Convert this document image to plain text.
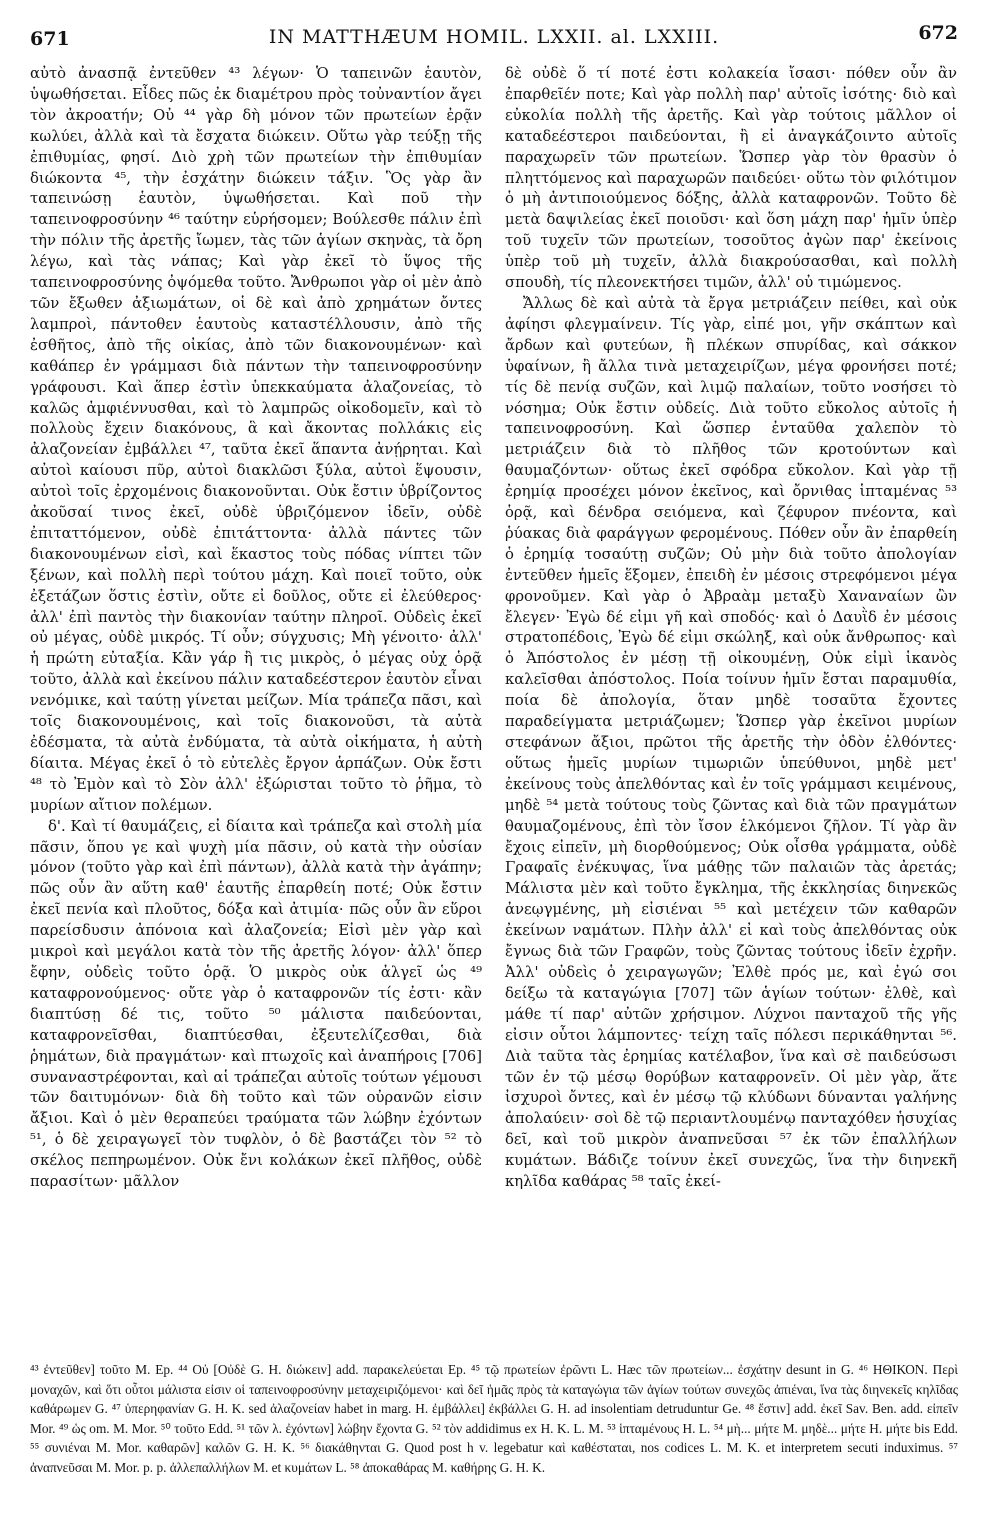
671	IN MATTHÆUM HOMIL. LXXII. al. LXXIII.	672

αὐτὸ ἀνασπᾷ ἐντεῦθεν ⁴³ λέγων· Ὁ ταπεινῶν ἑαυτὸν, ὑψωθήσεται. Εἶδες πῶς ἐκ διαμέτρου πρὸς τοὐναντίον ἄγει τὸν ἀκροατήν; Οὐ ⁴⁴ γὰρ δὴ μόνον τῶν πρωτείων ἐρᾷν κωλύει, ἀλλὰ καὶ τὰ ἔσχατα διώκειν. Οὕτω γὰρ τεύξῃ τῆς ἐπιθυμίας, φησί. Διὸ χρὴ τῶν πρωτείων τὴν ἐπιθυμίαν διώκοντα ⁴⁵, τὴν ἐσχάτην διώκειν τάξιν. Ὃς γὰρ ἂν ταπεινώσῃ ἑαυτὸν, ὑψωθήσεται. Καὶ ποῦ τὴν ταπεινοφροσύνην ⁴⁶ ταύτην εὑρήσομεν; Βούλεσθε πάλιν ἐπὶ τὴν πόλιν τῆς ἀρετῆς ἴωμεν, τὰς τῶν ἁγίων σκηνὰς, τὰ ὄρη λέγω, καὶ τὰς νάπας; Καὶ γὰρ ἐκεῖ τὸ ὕψος τῆς ταπεινοφροσύνης ὀψόμεθα τοῦτο. Ἄνθρωποι γὰρ οἱ μὲν ἀπὸ τῶν ἔξωθεν ἀξιωμάτων, οἱ δὲ καὶ ἀπὸ χρημάτων ὄντες λαμπροὶ, πάντοθεν ἑαυτοὺς καταστέλλουσιν, ἀπὸ τῆς ἐσθῆτος, ἀπὸ τῆς οἰκίας, ἀπὸ τῶν διακονουμένων· καὶ καθάπερ ἐν γράμμασι διὰ πάντων τὴν ταπεινοφροσύνην γράφουσι. Καὶ ἅπερ ἐστὶν ὑπεκκαύματα ἀλαζονείας, τὸ καλῶς ἀμφιέννυσθαι, καὶ τὸ λαμπρῶς οἰκοδομεῖν, καὶ τὸ πολλοὺς ἔχειν διακόνους, ἃ καὶ ἄκοντας πολλάκις εἰς ἀλαζονείαν ἐμβάλλει ⁴⁷, ταῦτα ἐκεῖ ἅπαντα ἀνῄρηται. Καὶ αὐτοὶ καίουσι πῦρ, αὐτοὶ διακλῶσι ξύλα, αὐτοὶ ἕψουσιν, αὐτοὶ τοῖς ἐρχομένοις διακονοῦνται. Οὐκ ἔστιν ὑβρίζοντος ἀκοῦσαί τινος ἐκεῖ, οὐδὲ ὑβριζόμενον ἰδεῖν, οὐδὲ ἐπιταττόμενον, οὐδὲ ἐπιτάττοντα· ἀλλὰ πάντες τῶν διακονουμένων εἰσὶ, καὶ ἕκαστος τοὺς πόδας νίπτει τῶν ξένων, καὶ πολλὴ περὶ τούτου μάχη. Καὶ ποιεῖ τοῦτο, οὐκ ἐξετάζων ὅστις ἐστὶν, οὔτε εἰ δοῦλος, οὔτε εἰ ἐλεύθερος· ἀλλ' ἐπὶ παντὸς τὴν διακονίαν ταύτην πληροῖ. Οὐδεὶς ἐκεῖ οὐ μέγας, οὐδὲ μικρός. Τί οὖν; σύγχυσις; Μὴ γένοιτο· ἀλλ' ἡ πρώτη εὐταξία. Κἂν γάρ ἢ τις μικρὸς, ὁ μέγας οὐχ ὁρᾷ τοῦτο, ἀλλὰ καὶ ἐκείνου πάλιν καταδεέστερον ἑαυτὸν εἶναι νενόμικε, καὶ ταύτῃ γίνεται μείζων. Μία τράπεζα πᾶσι, καὶ τοῖς διακονουμένοις, καὶ τοῖς διακονοῦσι, τὰ αὐτὰ ἐδέσματα, τὰ αὐτὰ ἐνδύματα, τὰ αὐτὰ οἰκήματα, ἡ αὐτὴ δίαιτα. Μέγας ἐκεῖ ὁ τὸ εὐτελὲς ἔργον ἁρπάζων. Οὐκ ἔστι ⁴⁸ τὸ Ἐμὸν καὶ τὸ Σὸν ἀλλ' ἐξώρισται τοῦτο τὸ ῥῆμα, τὸ μυρίων αἴτιον πολέμων.

δ'. Καὶ τί θαυμάζεις, εἰ δίαιτα καὶ τράπεζα καὶ στολὴ μία πᾶσιν, ὅπου γε καὶ ψυχὴ μία πᾶσιν, οὐ κατὰ τὴν οὐσίαν μόνον (τοῦτο γὰρ καὶ ἐπὶ πάντων), ἀλλὰ κατὰ τὴν ἀγάπην; πῶς οὖν ἂν αὕτη καθ' ἑαυτῆς ἐπαρθείη ποτέ; Οὐκ ἔστιν ἐκεῖ πενία καὶ πλοῦτος, δόξα καὶ ἀτιμία· πῶς οὖν ἂν εὕροι παρείσδυσιν ἀπόνοια καὶ ἀλαζονεία; Εἰσὶ μὲν γὰρ καὶ μικροὶ καὶ μεγάλοι κατὰ τὸν τῆς ἀρετῆς λόγον· ἀλλ' ὅπερ ἔφην, οὐδεὶς τοῦτο ὁρᾷ. Ὁ μικρὸς οὐκ ἀλγεῖ ὡς ⁴⁹ καταφρονούμενος· οὔτε γὰρ ὁ καταφρονῶν τίς ἐστι· κἂν διαπτύσῃ δέ τις, τοῦτο ⁵⁰ μάλιστα παιδεύονται, καταφρονεῖσθαι, διαπτύεσθαι, ἐξευτελίζεσθαι, διὰ ῥημάτων, διὰ πραγμάτων· καὶ πτωχοῖς καὶ ἀναπήροις [706] συναναστρέφονται, καὶ αἱ τράπεζαι αὐτοῖς τούτων γέμουσι τῶν δαιτυμόνων· διὰ δὴ τοῦτο καὶ τῶν οὐρανῶν εἰσιν ἄξιοι. Καὶ ὁ μὲν θεραπεύει τραύματα τῶν λώβην ἐχόντων ⁵¹, ὁ δὲ χειραγωγεῖ τὸν τυφλὸν, ὁ δὲ βαστάζει τὸν ⁵² τὸ σκέλος πεπηρωμένον. Οὐκ ἔνι κολάκων ἐκεῖ πλῆθος, οὐδὲ παρασίτων· μᾶλλον

δὲ οὐδὲ ὅ τί ποτέ ἐστι κολακεία ἴσασι· πόθεν οὖν ἂν ἐπαρθεῖέν ποτε; Καὶ γὰρ πολλὴ παρ' αὐτοῖς ἰσότης· διὸ καὶ εὐκολία πολλὴ τῆς ἀρετῆς. Καὶ γὰρ τούτοις μᾶλλον οἱ καταδεέστεροι παιδεύονται, ἢ εἰ ἀναγκάζοιντο αὐτοῖς παραχωρεῖν τῶν πρωτείων. Ὥσπερ γὰρ τὸν θρασὺν ὁ πληττόμενος καὶ παραχωρῶν παιδεύει· οὕτω τὸν φιλότιμον ὁ μὴ ἀντιποιούμενος δόξης, ἀλλὰ καταφρονῶν. Τοῦτο δὲ μετὰ δαψιλείας ἐκεῖ ποιοῦσι· καὶ ὅση μάχη παρ' ἡμῖν ὑπὲρ τοῦ τυχεῖν τῶν πρωτείων, τοσοῦτος ἀγὼν παρ' ἐκείνοις ὑπὲρ τοῦ μὴ τυχεῖν, ἀλλὰ διακρούσασθαι, καὶ πολλὴ σπουδὴ, τίς πλεονεκτήσει τιμῶν, ἀλλ' οὐ τιμώμενος.

Ἄλλως δὲ καὶ αὐτὰ τὰ ἔργα μετριάζειν πείθει, καὶ οὐκ ἀφίησι φλεγμαίνειν. Τίς γὰρ, εἰπέ μοι, γῆν σκάπτων καὶ ἄρδων καὶ φυτεύων, ἢ πλέκων σπυρίδας, καὶ σάκκον ὑφαίνων, ἢ ἄλλα τινὰ μεταχειρίζων, μέγα φρονήσει ποτέ; τίς δὲ πενίᾳ συζῶν, καὶ λιμῷ παλαίων, τοῦτο νοσήσει τὸ νόσημα; Οὐκ ἔστιν οὐδείς. Διὰ τοῦτο εὔκολος αὐτοῖς ἡ ταπεινοφροσύνη. Καὶ ὥσπερ ἐνταῦθα χαλεπὸν τὸ μετριάζειν διὰ τὸ πλῆθος τῶν κροτούντων καὶ θαυμαζόντων· οὕτως ἐκεῖ σφόδρα εὔκολον. Καὶ γὰρ τῇ ἐρημίᾳ προσέχει μόνον ἐκεῖνος, καὶ ὄρνιθας ἱπταμένας ⁵³ ὁρᾷ, καὶ δένδρα σειόμενα, καὶ ζέφυρον πνέοντα, καὶ ῥύακας διὰ φαράγγων φερομένους. Πόθεν οὖν ἂν ἐπαρθείη ὁ ἐρημίᾳ τοσαύτῃ συζῶν; Οὐ μὴν διὰ τοῦτο ἀπολογίαν ἐντεῦθεν ἡμεῖς ἕξομεν, ἐπειδὴ ἐν μέσοις στρεφόμενοι μέγα φρονοῦμεν. Καὶ γὰρ ὁ Ἀβραὰμ μεταξὺ Χαναναίων ὢν ἔλεγεν· Ἐγὼ δέ εἰμι γῆ καὶ σποδός· καὶ ὁ Δαυῒδ ἐν μέσοις στρατοπέδοις, Ἐγὼ δέ εἰμι σκώληξ, καὶ οὐκ ἄνθρωπος· καὶ ὁ Ἀπόστολος ἐν μέσῃ τῇ οἰκουμένῃ, Οὐκ εἰμὶ ἱκανὸς καλεῖσθαι ἀπόστολος. Ποία τοίνυν ἡμῖν ἔσται παραμυθία, ποία δὲ ἀπολογία, ὅταν μηδὲ τοσαῦτα ἔχοντες παραδείγματα μετριάζωμεν; Ὥσπερ γὰρ ἐκεῖνοι μυρίων στεφάνων ἄξιοι, πρῶτοι τῆς ἀρετῆς τὴν ὁδὸν ἐλθόντες· οὕτως ἡμεῖς μυρίων τιμωριῶν ὑπεύθυνοι, μηδὲ μετ' ἐκείνους τοὺς ἀπελθόντας καὶ ἐν τοῖς γράμμασι κειμένους, μηδὲ ⁵⁴ μετὰ τούτους τοὺς ζῶντας καὶ διὰ τῶν πραγμάτων θαυμαζομένους, ἐπὶ τὸν ἴσον ἑλκόμενοι ζῆλον. Τί γὰρ ἂν ἔχοις εἰπεῖν, μὴ διορθούμενος; Οὐκ οἶσθα γράμματα, οὐδὲ Γραφαῖς ἐνέκυψας, ἵνα μάθῃς τῶν παλαιῶν τὰς ἀρετάς; Μάλιστα μὲν καὶ τοῦτο ἔγκλημα, τῆς ἐκκλησίας διηνεκῶς ἀνεῳγμένης, μὴ εἰσιέναι ⁵⁵ καὶ μετέχειν τῶν καθαρῶν ἐκείνων ναμάτων. Πλὴν ἀλλ' εἰ καὶ τοὺς ἀπελθόντας οὐκ ἔγνως διὰ τῶν Γραφῶν, τοὺς ζῶντας τούτους ἰδεῖν ἐχρῆν. Ἀλλ' οὐδεὶς ὁ χειραγωγῶν; Ἐλθὲ πρός με, καὶ ἐγώ σοι δείξω τὰ καταγώγια [707] τῶν ἁγίων τούτων· ἐλθὲ, καὶ μάθε τί παρ' αὐτῶν χρήσιμον. Λύχνοι πανταχοῦ τῆς γῆς εἰσιν οὗτοι λάμποντες· τείχη ταῖς πόλεσι περικάθηνται ⁵⁶. Διὰ ταῦτα τὰς ἐρημίας κατέλαβον, ἵνα καὶ σὲ παιδεύσωσι τῶν ἐν τῷ μέσῳ θορύβων καταφρονεῖν. Οἱ μὲν γὰρ, ἅτε ἰσχυροὶ ὄντες, καὶ ἐν μέσῳ τῷ κλύδωνι δύνανται γαλήνης ἀπολαύειν· σοὶ δὲ τῷ περιαντλουμένῳ πανταχόθεν ἡσυχίας δεῖ, καὶ τοῦ μικρὸν ἀναπνεῦσαι ⁵⁷ ἐκ τῶν ἐπαλλήλων κυμάτων. Βάδιζε τοίνυν ἐκεῖ συνεχῶς, ἵνα τὴν διηνεκῆ κηλῖδα καθάρας ⁵⁸ ταῖς ἐκεί-

⁴³ ἐντεῦθεν] τοῦτο M. Ep. ⁴⁴ Οὐ [Οὐδὲ G. H. διώκειν] add. παρακελεύεται Ep. ⁴⁵ τῷ πρωτείων ἐρῶντι L. Hæc τῶν πρωτείων... ἐσχάτην desunt in G. ⁴⁶ ΗΘΙΚΟΝ. Περὶ μοναχῶν, καὶ ὅτι οὗτοι μάλιστα εἰσιν οἱ ταπεινοφροσύνην μεταχειριζόμενοι· καὶ δεῖ ἡμᾶς πρὸς τὰ καταγώγια τῶν ἁγίων τούτων συνεχῶς ἀπιέναι, ἵνα τὰς διηνεκεῖς κηλῖδας καθάρωμεν G. ⁴⁷ ὑπερηφανίαν G. H. K. sed ἀλαζονείαν habet in marg. H. ἐμβάλλει] ἐκβάλλει G. H. ad insolentiam detruduntur Ge. ⁴⁸ ἔστιν] add. ἐκεῖ Sav. Ben. add. εἰπεῖν Mor. ⁴⁹ ὡς om. M. Mor. ⁵⁰ τοῦτο Edd. ⁵¹ τῶν λ. ἐχόντων] λώβην ἔχοντα G. ⁵² τὸν addidimus ex H. K. L. M. ⁵³ ἱπταμένους H. L. ⁵⁴ μὴ... μήτε M. μηδὲ... μήτε H. μήτε bis Edd. ⁵⁵ συνιέναι M. Mor. καθαρῶν] καλῶν G. H. K. ⁵⁶ διακάθηνται G. Quod post h v. legebatur καὶ καθέσταται, nos codices L. M. K. et interpretem secuti induximus. ⁵⁷ ἀναπνεῦσαι M. Mor. p. p. ἀλλεπαλλήλων M. et κυμάτων L. ⁵⁸ ἀποκαθάρας M. καθήρης G. H. K.
